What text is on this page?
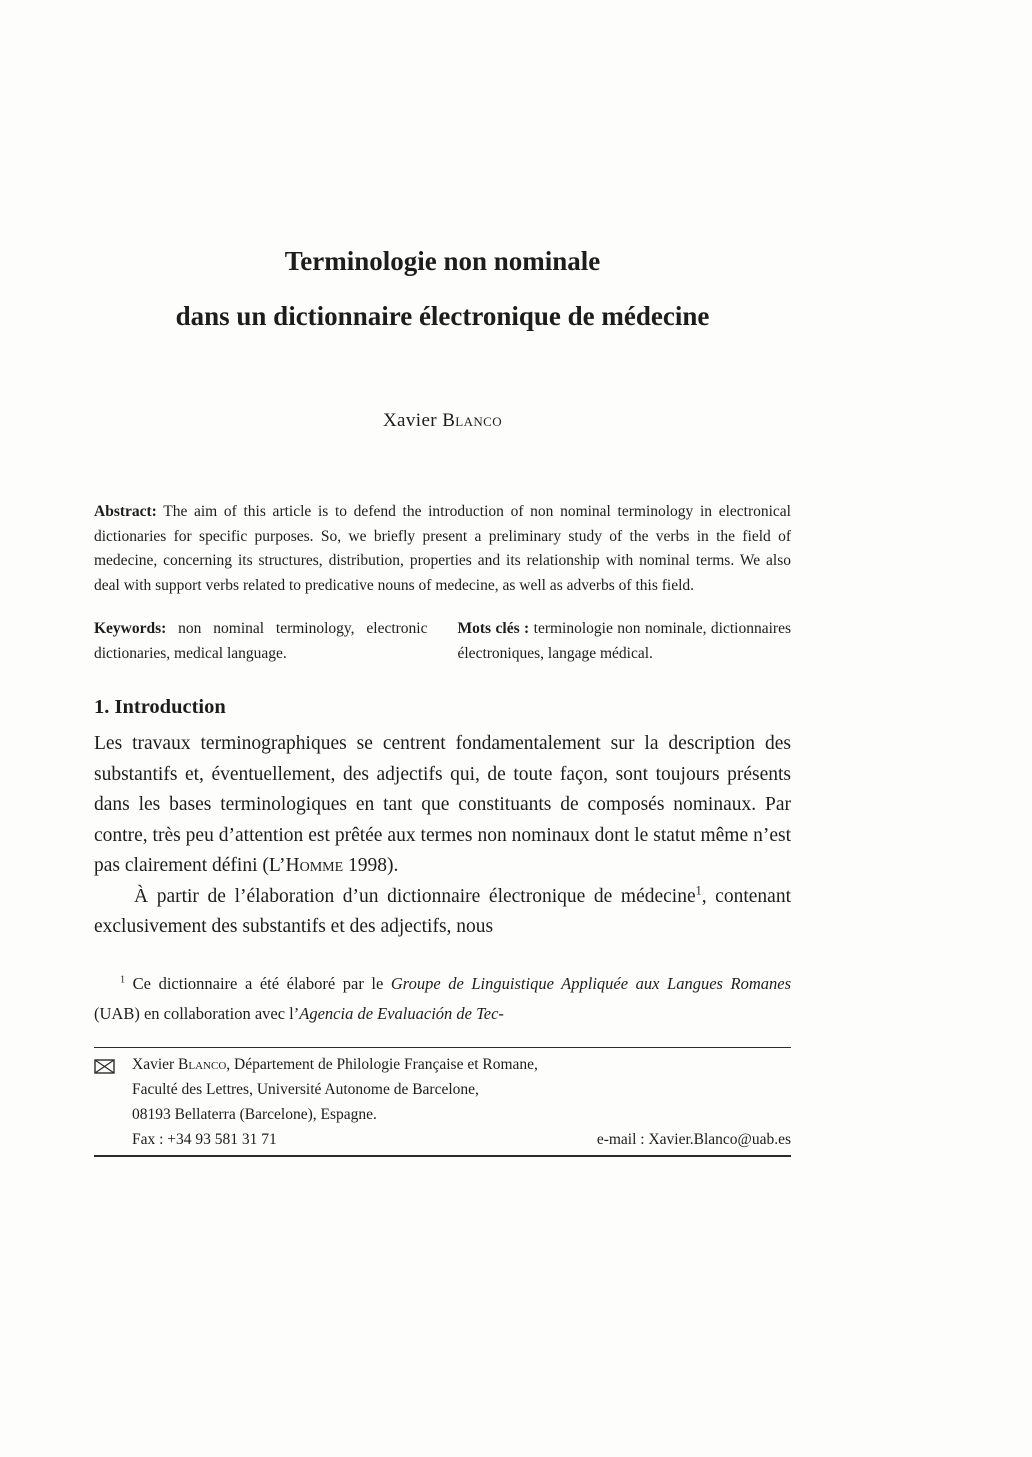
Terminologie non nominale
dans un dictionnaire électronique de médecine
Xavier Blanco

Abstract: The aim of this article is to defend the introduction of non nominal terminology in electronical dictionaries for specific purposes. So, we briefly present a preliminary study of the verbs in the field of medecine, concerning its structures, distribution, properties and its relationship with nominal terms. We also deal with support verbs related to predicative nouns of medecine, as well as adverbs of this field.

Keywords: non nominal terminology, electronic dictionaries, medical language.

Mots clés : terminologie non nominale, dictionnaires électroniques, langage médical.

1. Introduction

Les travaux terminographiques se centrent fondamentalement sur la description des substantifs et, éventuellement, des adjectifs qui, de toute façon, sont toujours présents dans les bases terminologiques en tant que constituants de composés nominaux. Par contre, très peu d’attention est prêtée aux termes non nominaux dont le statut même n’est pas clairement défini (L’Homme 1998).

À partir de l’élaboration d’un dictionnaire électronique de médecine$^1$, contenant exclusivement des substantifs et des adjectifs, nous

$^1$ Ce dictionnaire a été élaboré par le Groupe de Linguistique Appliquée aux Langues Romanes (UAB) en collaboration avec l’Agencia de Evaluación de Tec-
Xavier Blanco, Département de Philologie Française et Romane,
Faculté des Lettres, Université Autonome de Barcelone,
08193 Bellaterra (Barcelone), Espagne.
Fax : +34 93 581 31 71	e-mail : Xavier.Blanco@uab.es
